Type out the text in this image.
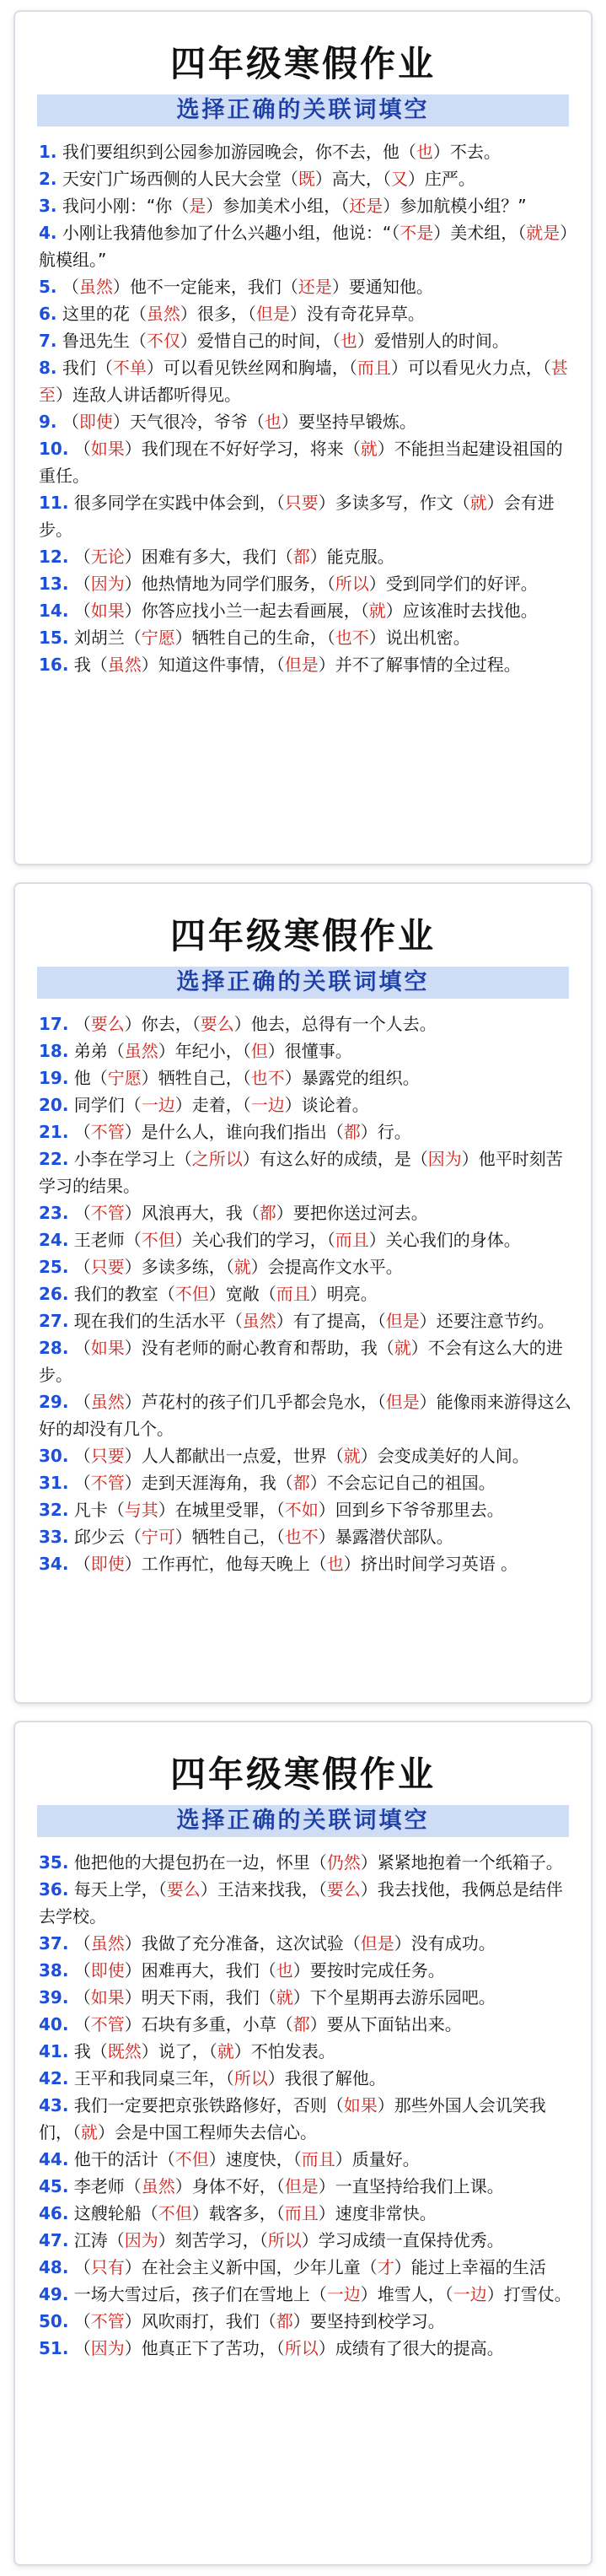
四年级寒假作业
选择正确的关联词填空
1. 我们要组织到公园参加游园晚会，你不去，他（也）不去。
2. 天安门广场西侧的人民大会堂（既）高大，（又）庄严。
3. 我问小刚：“你（是）参加美术小组，（还是）参加航模小组？”
4. 小刚让我猜他参加了什么兴趣小组，他说：“（不是）美术组，（就是）航模组。”
5. （虽然）他不一定能来，我们（还是）要通知他。
6. 这里的花（虽然）很多，（但是）没有奇花异草。
7. 鲁迅先生（不仅）爱惜自己的时间，（也）爱惜别人的时间。
8. 我们（不单）可以看见铁丝网和胸墙，（而且）可以看见火力点，（甚至）连敌人讲话都听得见。
9. （即使）天气很冷，爷爷（也）要坚持早锻炼。
10. （如果）我们现在不好好学习，将来（就）不能担当起建设祖国的重任。
11. 很多同学在实践中体会到，（只要）多读多写，作文（就）会有进步。
12. （无论）困难有多大，我们（都）能克服。
13. （因为）他热情地为同学们服务，（所以）受到同学们的好评。
14. （如果）你答应找小兰一起去看画展，（就）应该准时去找他。
15. 刘胡兰（宁愿）牺牲自己的生命，（也不）说出机密。
16. 我（虽然）知道这件事情，（但是）并不了解事情的全过程。
四年级寒假作业
选择正确的关联词填空
17. （要么）你去，（要么）他去，总得有一个人去。
18. 弟弟（虽然）年纪小，（但）很懂事。
19. 他（宁愿）牺牲自己，（也不）暴露党的组织。
20. 同学们（一边）走着，（一边）谈论着。
21. （不管）是什么人，谁向我们指出（都）行。
22. 小李在学习上（之所以）有这么好的成绩，是（因为）他平时刻苦学习的结果。
23. （不管）风浪再大，我（都）要把你送过河去。
24. 王老师（不但）关心我们的学习，（而且）关心我们的身体。
25. （只要）多读多练，（就）会提高作文水平。
26. 我们的教室（不但）宽敞（而且）明亮。
27. 现在我们的生活水平（虽然）有了提高，（但是）还要注意节约。
28. （如果）没有老师的耐心教育和帮助，我（就）不会有这么大的进步。
29. （虽然）芦花村的孩子们几乎都会凫水，（但是）能像雨来游得这么好的却没有几个。
30. （只要）人人都献出一点爱，世界（就）会变成美好的人间。
31. （不管）走到天涯海角，我（都）不会忘记自己的祖国。
32. 凡卡（与其）在城里受罪，（不如）回到乡下爷爷那里去。
33. 邱少云（宁可）牺牲自己，（也不）暴露潜伏部队。
34. （即使）工作再忙，他每天晚上（也）挤出时间学习英语 。
四年级寒假作业
选择正确的关联词填空
35. 他把他的大提包扔在一边，怀里（仍然）紧紧地抱着一个纸箱子。
36. 每天上学，（要么）王洁来找我，（要么）我去找他，我俩总是结伴去学校。
37. （虽然）我做了充分准备，这次试验（但是）没有成功。
38. （即使）困难再大，我们（也）要按时完成任务。
39. （如果）明天下雨，我们（就）下个星期再去游乐园吧。
40. （不管）石块有多重，小草（都）要从下面钻出来。
41. 我（既然）说了，（就）不怕发表。
42. 王平和我同桌三年，（所以）我很了解他。
43. 我们一定要把京张铁路修好，否则（如果）那些外国人会讥笑我们，（就）会是中国工程师失去信心。
44. 他干的活计（不但）速度快，（而且）质量好。
45. 李老师（虽然）身体不好，（但是）一直坚持给我们上课。
46. 这艘轮船（不但）载客多，（而且）速度非常快。
47. 江涛（因为）刻苦学习，（所以）学习成绩一直保持优秀。
48. （只有）在社会主义新中国，少年儿童（才）能过上幸福的生活
49. 一场大雪过后，孩子们在雪地上（一边）堆雪人，（一边）打雪仗。
50. （不管）风吹雨打，我们（都）要坚持到校学习。
51. （因为）他真正下了苦功，（所以）成绩有了很大的提高。
